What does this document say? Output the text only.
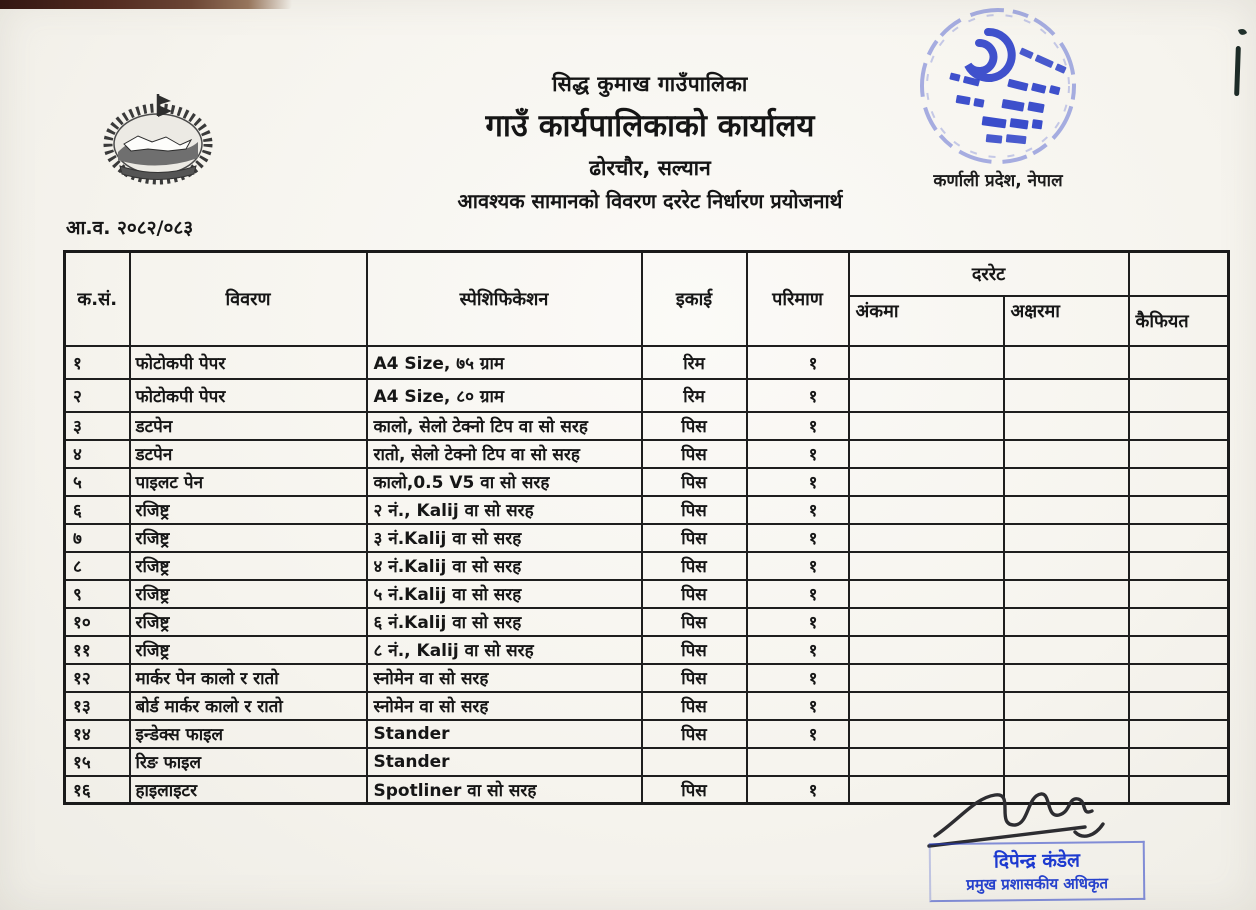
सिद्ध कुमाख गाउँपालिका
गाउँ कार्यपालिकाको कार्यालय
ढोरचौर, सल्यान
आवश्यक सामानको विवरण दररेट निर्धारण प्रयोजनार्थ
कर्णाली प्रदेश, नेपाल
आ.व. २०८२/०८३
क.सं.	विवरण	स्पेशिफिकेशन	इकाई	परिमाण	दररेट		
					अंकमा	अक्षरमा	कैफियत
१	फोटोकपी पेपर	A4 Size, ७५ ग्राम	रिम	१			
२	फोटोकपी पेपर	A4 Size, ८० ग्राम	रिम	१			
३	डटपेन	कालो, सेलो टेक्नो टिप वा सो सरह	पिस	१			
४	डटपेन	रातो, सेलो टेक्नो टिप वा सो सरह	पिस	१			
५	पाइलट पेन	कालो,0.5 V5 वा सो सरह	पिस	१			
६	रजिष्ट्र	२ नं., Kalij वा सो सरह	पिस	१			
७	रजिष्ट्र	३ नं.Kalij वा सो सरह	पिस	१			
८	रजिष्ट्र	४ नं.Kalij वा सो सरह	पिस	१			
९	रजिष्ट्र	५ नं.Kalij वा सो सरह	पिस	१			
१०	रजिष्ट्र	६ नं.Kalij वा सो सरह	पिस	१			
११	रजिष्ट्र	८ नं., Kalij वा सो सरह	पिस	१			
१२	मार्कर पेन कालो र रातो	स्नोमेन वा सो सरह	पिस	१			
१३	बोर्ड मार्कर कालो र रातो	स्नोमेन वा सो सरह	पिस	१			
१४	इन्डेक्स फाइल	Stander	पिस	१			
१५	रिङ फाइल	Stander					
१६	हाइलाइटर	Spotliner वा सो सरह	पिस	१			
दिपेन्द्र कंडेल
प्रमुख प्रशासकीय अधिकृत
